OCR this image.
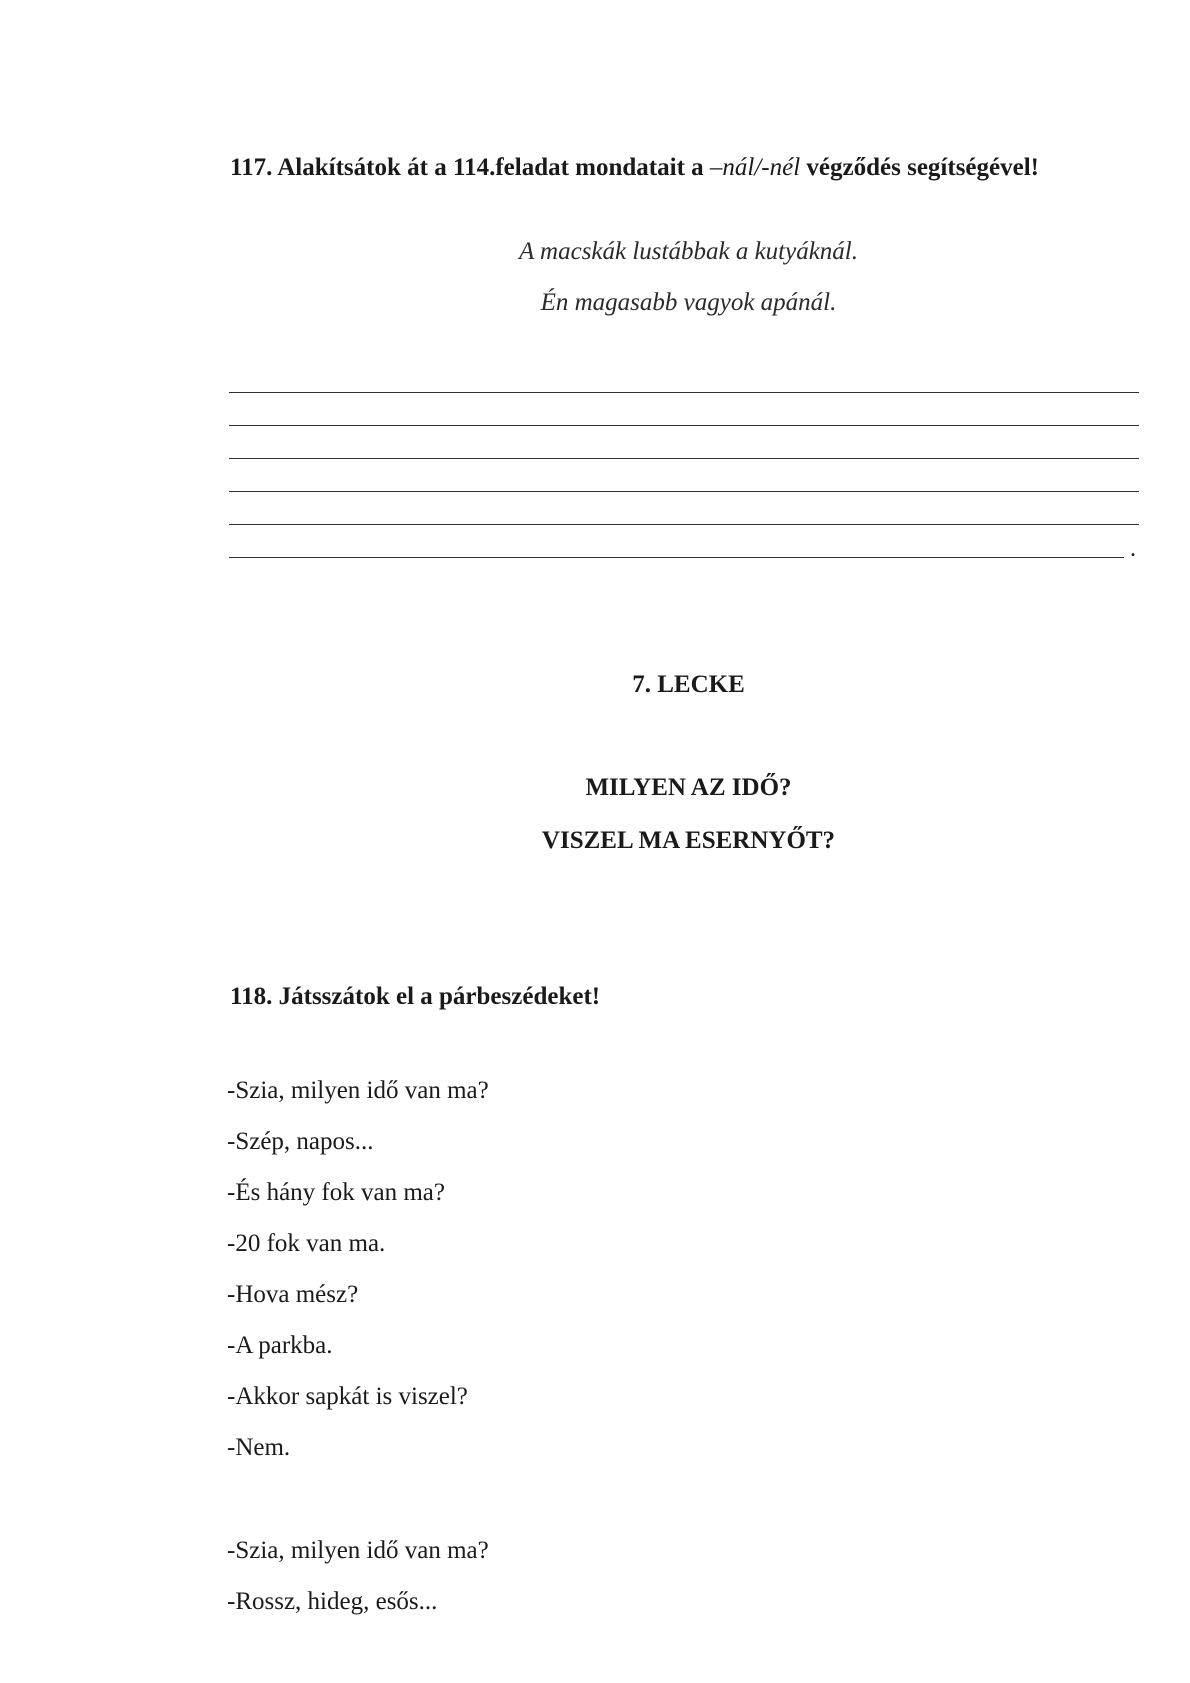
117. Alakítsátok át a 114.feladat mondatait a –nál/-nél végződés segítségével!
A macskák lustábbak a kutyáknál.
Én magasabb vagyok apánál.
.
7. LECKE
MILYEN AZ IDŐ?
VISZEL MA ESERNYŐT?
118. Játsszátok el a párbeszédeket!
-Szia, milyen idő van ma?
-Szép, napos...
-És hány fok van ma?
-20 fok van ma.
-Hova mész?
-A parkba.
-Akkor sapkát is viszel?
-Nem.
-Szia, milyen idő van ma?
-Rossz, hideg, esős...
